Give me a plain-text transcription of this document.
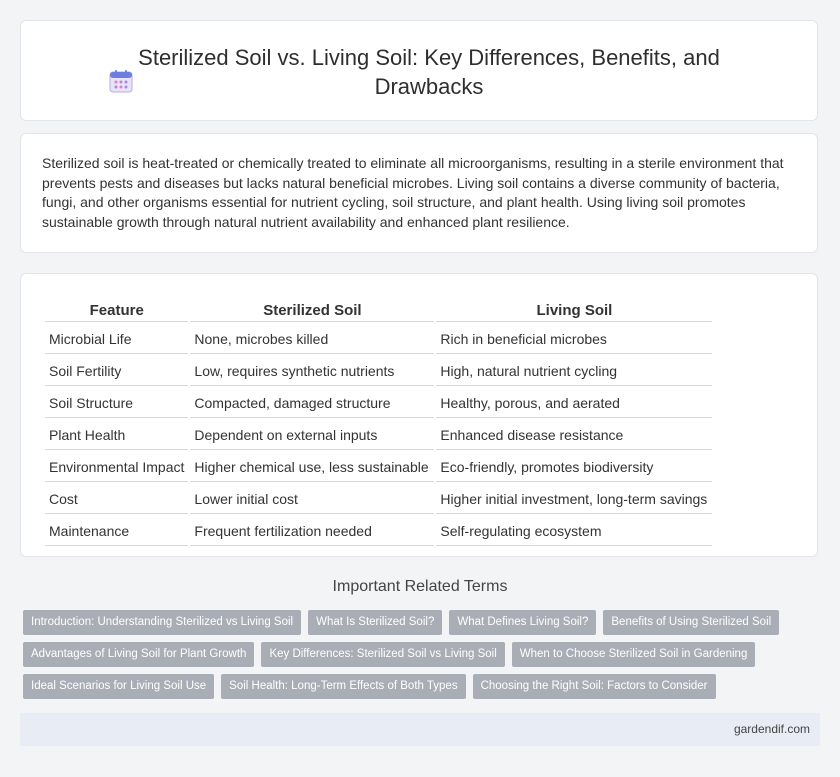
Sterilized Soil vs. Living Soil: Key Differences, Benefits, and Drawbacks
Sterilized soil is heat-treated or chemically treated to eliminate all microorganisms, resulting in a sterile environment that prevents pests and diseases but lacks natural beneficial microbes. Living soil contains a diverse community of bacteria, fungi, and other organisms essential for nutrient cycling, soil structure, and plant health. Using living soil promotes sustainable growth through natural nutrient availability and enhanced plant resilience.
Feature	Sterilized Soil	Living Soil
Microbial Life	None, microbes killed	Rich in beneficial microbes
Soil Fertility	Low, requires synthetic nutrients	High, natural nutrient cycling
Soil Structure	Compacted, damaged structure	Healthy, porous, and aerated
Plant Health	Dependent on external inputs	Enhanced disease resistance
Environmental Impact	Higher chemical use, less sustainable	Eco-friendly, promotes biodiversity
Cost	Lower initial cost	Higher initial investment, long-term savings
Maintenance	Frequent fertilization needed	Self-regulating ecosystem
Important Related Terms
Introduction: Understanding Sterilized vs Living Soil	What Is Sterilized Soil?	What Defines Living Soil?	Benefits of Using Sterilized Soil
Advantages of Living Soil for Plant Growth	Key Differences: Sterilized Soil vs Living Soil	When to Choose Sterilized Soil in Gardening
Ideal Scenarios for Living Soil Use	Soil Health: Long-Term Effects of Both Types	Choosing the Right Soil: Factors to Consider
gardendif.com
